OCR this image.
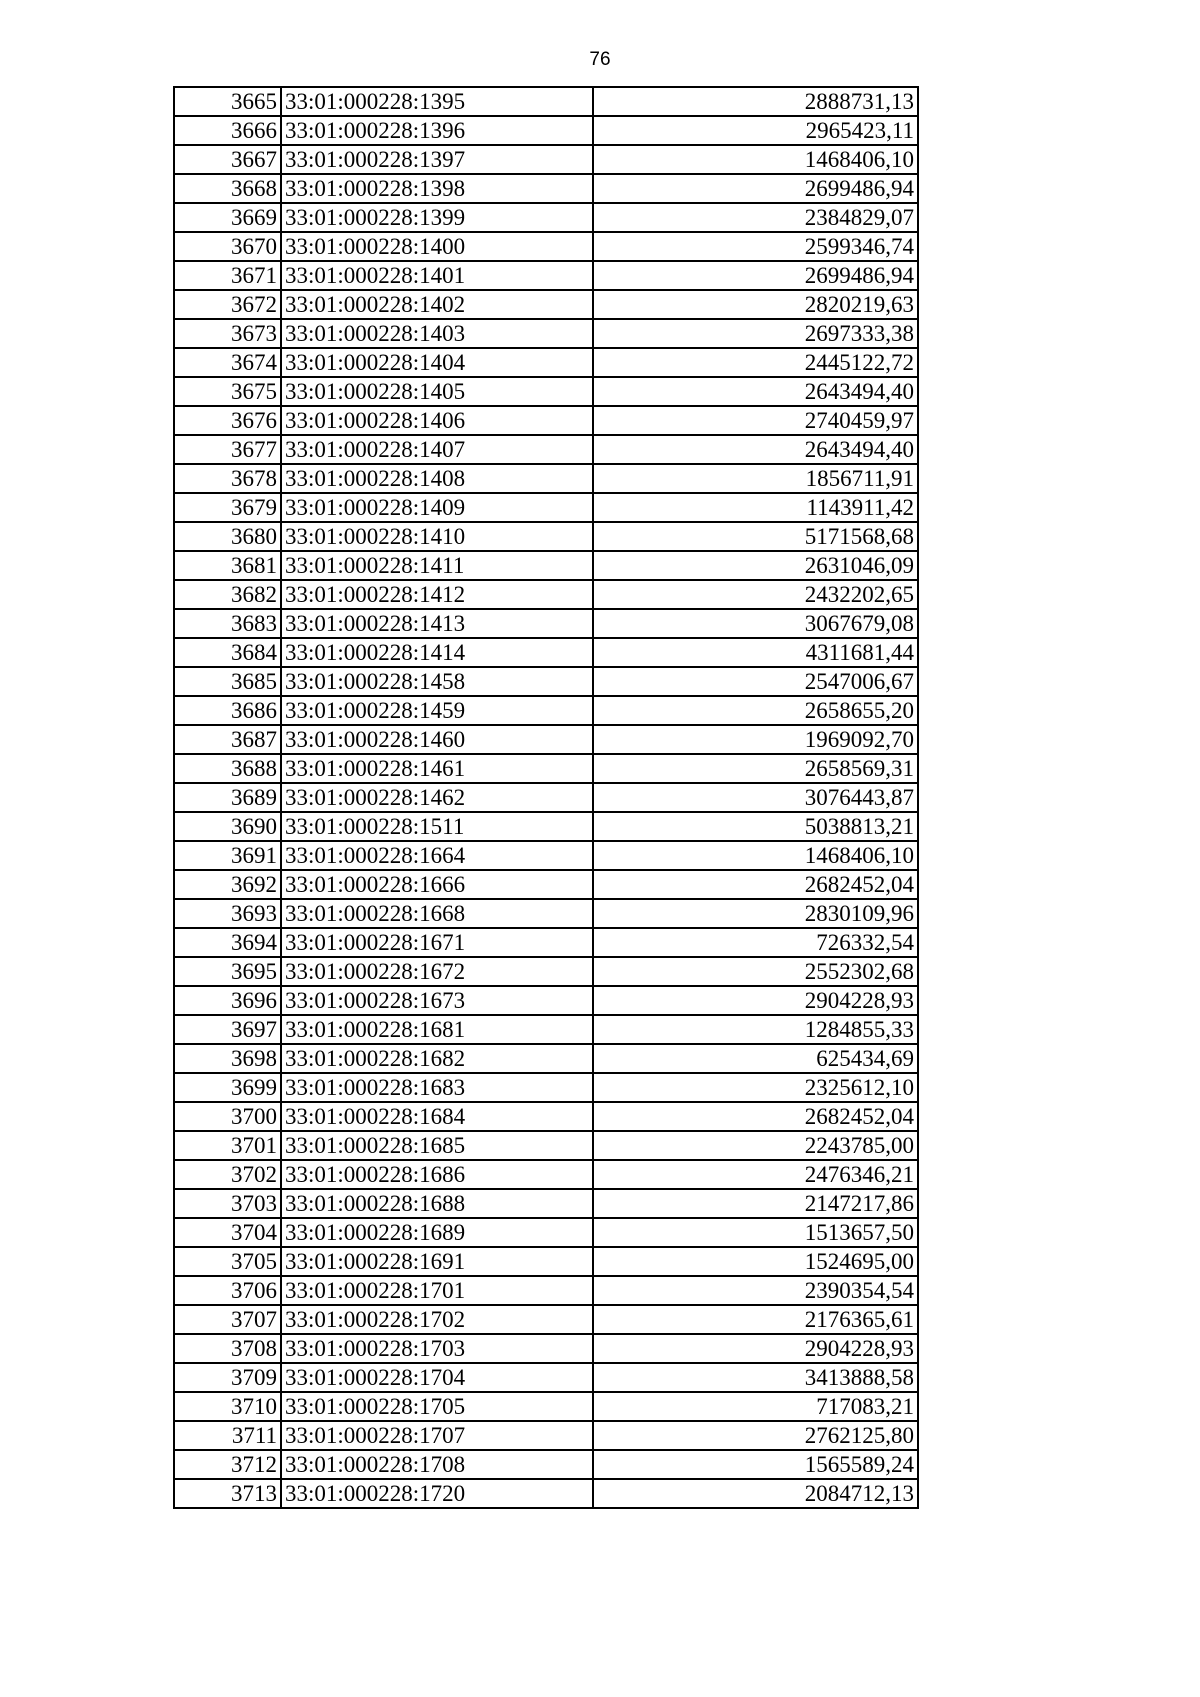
76
3665	33:01:000228:1395	2888731,13
3666	33:01:000228:1396	2965423,11
3667	33:01:000228:1397	1468406,10
3668	33:01:000228:1398	2699486,94
3669	33:01:000228:1399	2384829,07
3670	33:01:000228:1400	2599346,74
3671	33:01:000228:1401	2699486,94
3672	33:01:000228:1402	2820219,63
3673	33:01:000228:1403	2697333,38
3674	33:01:000228:1404	2445122,72
3675	33:01:000228:1405	2643494,40
3676	33:01:000228:1406	2740459,97
3677	33:01:000228:1407	2643494,40
3678	33:01:000228:1408	1856711,91
3679	33:01:000228:1409	1143911,42
3680	33:01:000228:1410	5171568,68
3681	33:01:000228:1411	2631046,09
3682	33:01:000228:1412	2432202,65
3683	33:01:000228:1413	3067679,08
3684	33:01:000228:1414	4311681,44
3685	33:01:000228:1458	2547006,67
3686	33:01:000228:1459	2658655,20
3687	33:01:000228:1460	1969092,70
3688	33:01:000228:1461	2658569,31
3689	33:01:000228:1462	3076443,87
3690	33:01:000228:1511	5038813,21
3691	33:01:000228:1664	1468406,10
3692	33:01:000228:1666	2682452,04
3693	33:01:000228:1668	2830109,96
3694	33:01:000228:1671	726332,54
3695	33:01:000228:1672	2552302,68
3696	33:01:000228:1673	2904228,93
3697	33:01:000228:1681	1284855,33
3698	33:01:000228:1682	625434,69
3699	33:01:000228:1683	2325612,10
3700	33:01:000228:1684	2682452,04
3701	33:01:000228:1685	2243785,00
3702	33:01:000228:1686	2476346,21
3703	33:01:000228:1688	2147217,86
3704	33:01:000228:1689	1513657,50
3705	33:01:000228:1691	1524695,00
3706	33:01:000228:1701	2390354,54
3707	33:01:000228:1702	2176365,61
3708	33:01:000228:1703	2904228,93
3709	33:01:000228:1704	3413888,58
3710	33:01:000228:1705	717083,21
3711	33:01:000228:1707	2762125,80
3712	33:01:000228:1708	1565589,24
3713	33:01:000228:1720	2084712,13
